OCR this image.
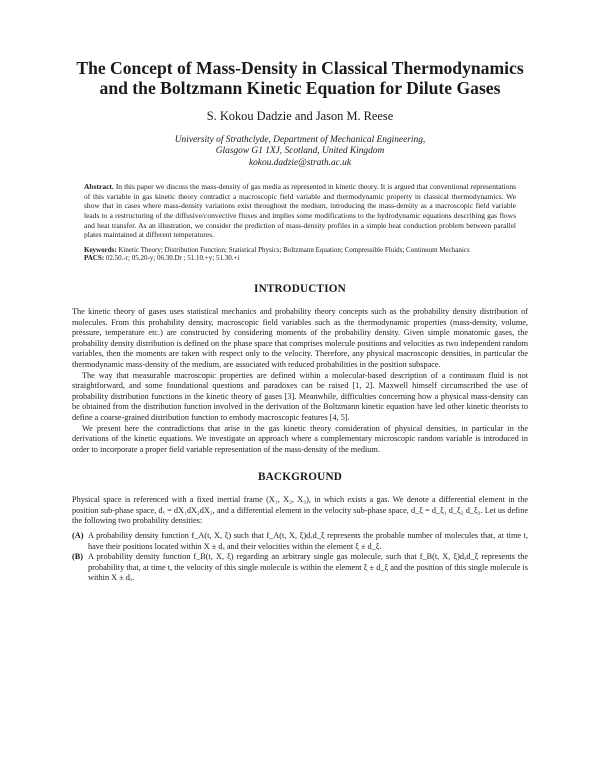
The Concept of Mass-Density in Classical Thermodynamics
and the Boltzmann Kinetic Equation for Dilute Gases

S. Kokou Dadzie and Jason M. Reese

University of Strathclyde, Department of Mechanical Engineering,
Glasgow G1 1XJ, Scotland, United Kingdom
kokou.dadzie@strath.ac.uk

Abstract. In this paper we discuss the mass-density of gas media as represented in kinetic theory. It is argued that conventional representations of this variable in gas kinetic theory contradict a macroscopic field variable and thermodynamic property in classical thermodynamics. We show that in cases where mass-density variations exist throughout the medium, introducing the mass-density as a macroscopic field variable leads to a restructuring of the diffusive/convective fluxes and implies some modifications to the hydrodynamic equations describing gas flows and heat transfer. As an illustration, we consider the prediction of mass-density profiles in a simple heat conduction problem between parallel plates maintained at different temperatures.

Keywords: Kinetic Theory; Distribution Function; Statistical Physics; Boltzmann Equation; Compressible Fluids; Continuum Mechanics
PACS: 02.50.-r; 05.20-y; 06.30.Dr ; 51.10.+y; 51.30.+i
INTRODUCTION

The kinetic theory of gases uses statistical mechanics and probability theory concepts such as the probability density distribution of molecules. From this probability density, macroscopic field variables such as the thermodynamic properties (mass-density, volume, pressure, temperature etc.) are constructed by considering moments of the probability density. Given simple monatomic gases, the probability density distribution is defined on the phase space that comprises molecule positions and velocities as two independent random variables, then the moments are taken with respect only to the velocity. Therefore, any physical macroscopic densities, in particular the thermodynamic mass-density of the medium, are associated with reduced probabilities in the position subspace.

The way that measurable macroscopic properties are defined within a molecular-based description of a continuum fluid is not straightforward, and some foundational questions and paradoxes can be raised [1, 2]. Maxwell himself circumscribed the use of probability distribution functions in the kinetic theory of gases [3]. Meanwhile, difficulties concerning how a physical mass-density can be obtained from the distribution function involved in the derivation of the Boltzmann kinetic equation have led other kinetic theorists to define a coarse-grained distribution function to embody macroscopic features [4, 5].

We present here the contradictions that arise in the gas kinetic theory consideration of physical densities, in particular in the derivations of the kinetic equations. We investigate an approach where a complementary microscopic random variable is introduced in order to incorporate a proper field variable representation of the mass-density of the medium.

BACKGROUND

Physical space is referenced with a fixed inertial frame (X₁, X₂, X₃), in which exists a gas. We denote a differential element in the position sub-phase space, dₓ = dX₁dX₂dX₃, and a differential element in the velocity sub-phase space, d_ξ = d_ξ₁ d_ξ₂ d_ξ₃. Let us define the following two probability densities:

(A) A probability density function f_A(t, X, ξ) such that f_A(t, X, ξ)dₓd_ξ represents the probable number of molecules that, at time t, have their positions located within X ± dₓ and their velocities within the element ξ ± d_ξ.

(B) A probability density function f_B(t, X, ξ) regarding an arbitrary single gas molecule, such that f_B(t, X, ξ)dₓd_ξ represents the probability that, at time t, the velocity of this single molecule is within the element ξ ± d_ξ and the position of this single molecule is within X ± dₓ.
